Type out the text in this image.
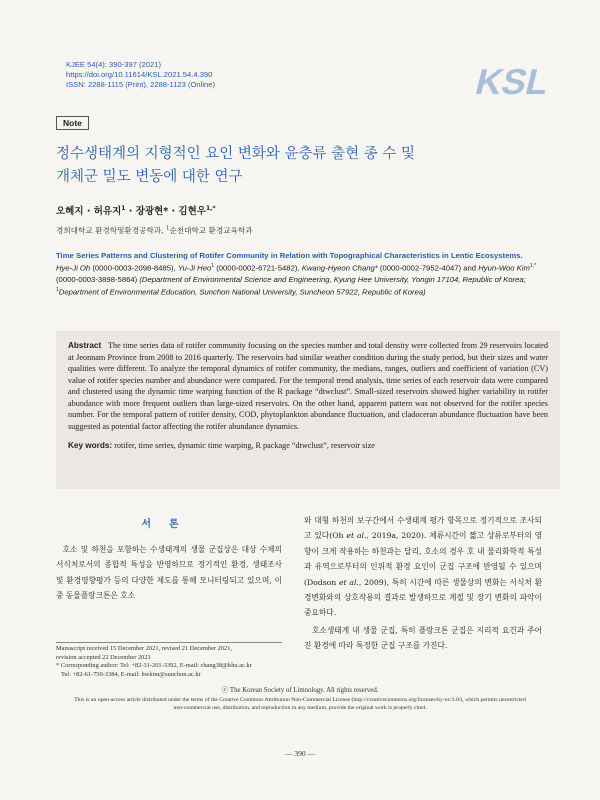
KJEE 54(4): 390-397 (2021)
https://doi.org/10.11614/KSL.2021.54.4.390
ISSN: 2288-1115 (Print), 2288-1123 (Online)	KSL
Note
정수생태계의 지형적인 요인 변화와 윤충류 출현 종 수 및
개체군 밀도 변동에 대한 연구
오혜지 · 허유지$^1$ · 장광현* · 김현우$^{1,*}$
경희대학교 환경학및환경공학과, $^1$순천대학교 환경교육학과
Time Series Patterns and Clustering of Rotifer Community in Relation with Topographical Characteristics in Lentic Ecosystems. Hye-Ji Oh (0000-0003-2098-8485), Yu-Ji Heo$^1$ (0000-0002-6721-5482), Kwang-Hyeon Chang* (0000-0002-7952-4047) and Hyun-Woo Kim$^{1,*}$ (0000-0003-3898-5864) (Department of Environmental Science and Engineering, Kyung Hee University, Yongin 17104, Republic of Korea; $^1$Department of Environmental Education, Sunchon National University, Suncheon 57922, Republic of Korea)
Abstract The time series data of rotifer community focusing on the species number and total density were collected from 29 reservoirs located at Jeonnam Province from 2008 to 2016 quarterly. The reservoirs had similar weather condition during the study period, but their sizes and water qualities were different. To analyze the temporal dynamics of rotifer community, the medians, ranges, outliers and coefficient of variation (CV) value of rotifer species number and abundance were compared. For the temporal trend analysis, time series of each reservoir data were compared and clustered using the dynamic time warping function of the R package “dtwclust”. Small-sized reservoirs showed higher variability in rotifer abundance with more frequent outliers than large-sized reservoirs. On the other hand, apparent pattern was not observed for the rotifer species number. For the temporal pattern of rotifer density, COD, phytoplankton abundance fluctuation, and cladoceran abundance fluctuation have been suggested as potential factor affecting the rotifer abundance dynamics.
Key words: rotifer, time series, dynamic time warping, R package “dtwclust”, reservoir size
서론
호소 및 하천을 포함하는 수생태계의 생물 군집상은 대상 수체의 서식처로서의 종합적 특성을 반영하므로 정기적인 환경, 생태조사 및 환경영향평가 등의 다양한 제도를 통해 모니터링되고 있으며, 이 중 동물플랑크톤은 호소

와 대형 하천의 보구간에서 수생태계 평가 항목으로 정기적으로 조사되고 있다(Oh et al., 2019a, 2020). 체류시간이 짧고 상류로부터의 영향이 크게 작용하는 하천과는 달리, 호소의 경우 호 내 물리화학적 특성과 유역으로부터의 인위적 환경 요인이 군집 구조에 반영될 수 있으며(Dodson et al., 2009), 특히 시간에 따른 생물상의 변화는 서식처 환경변화와의 상호작용의 결과로 발생하므로 계절 및 장기 변화의 파악이 중요하다.

호소생태계 내 생물 군집, 특히 플랑크톤 군집은 지리적 요건과 주어진 환경에 따라 특정한 군집 구조를 가진다.

Manuscript received 15 December 2021, revised 21 December 2021,
revision accepted 22 December 2021
* Corresponding author: Tel: +82-31-201-3392, E-mail: chang38@khu.ac.kr
Tel: +82-61-750-3384, E-mail: hwkim@sunchon.ac.kr
ⓒ The Korean Society of Limnology. All rights reserved.
This is an open-access article distributed under the terms of the Creative Commons Attribution Non-Commercial License (http://creativecommons.org/licenses/by-nc/3.0/), which permits unrestricted non-commercial use, distribution, and reproduction in any medium, provide the original work is properly cited.
— 390 —
